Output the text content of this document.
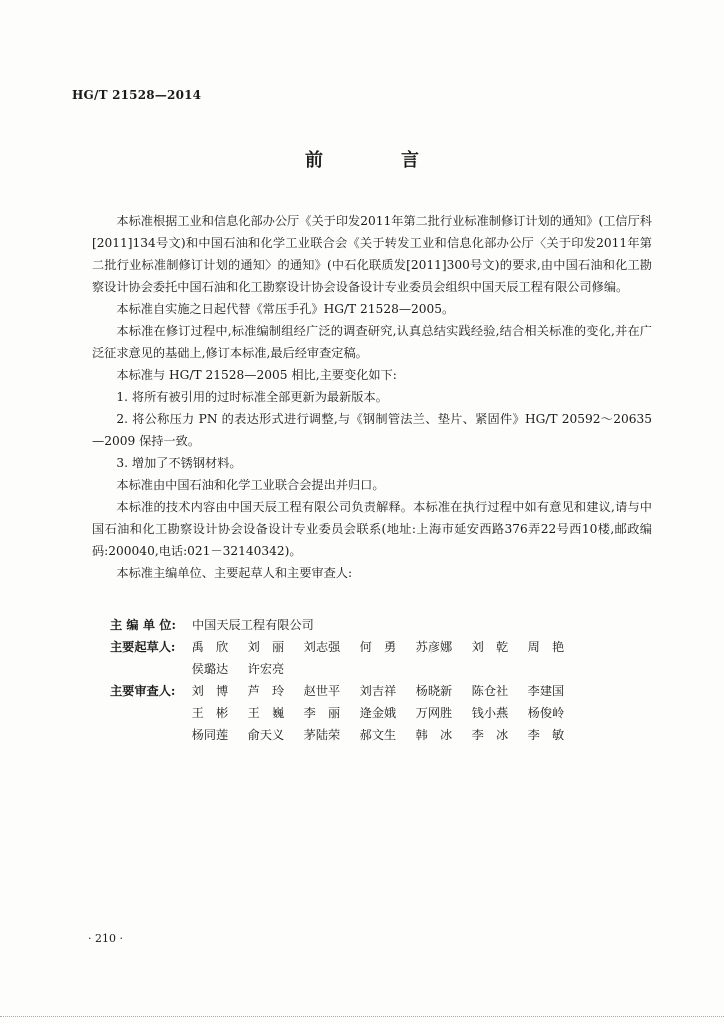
HG/T 21528—2014
前　言

本标准根据工业和信息化部办公厅《关于印发2011年第二批行业标准制修订计划的通知》(工信厅科[2011]134号文)和中国石油和化学工业联合会《关于转发工业和信息化部办公厅〈关于印发2011年第二批行业标准制修订计划的通知〉的通知》(中石化联质发[2011]300号文)的要求,由中国石油和化工勘察设计协会委托中国石油和化工勘察设计协会设备设计专业委员会组织中国天辰工程有限公司修编。

本标准自实施之日起代替《常压手孔》HG/T 21528—2005。

本标准在修订过程中,标准编制组经广泛的调查研究,认真总结实践经验,结合相关标准的变化,并在广泛征求意见的基础上,修订本标准,最后经审查定稿。

本标准与 HG/T 21528—2005 相比,主要变化如下:

1. 将所有被引用的过时标准全部更新为最新版本。

2. 将公称压力 PN 的表达形式进行调整,与《钢制管法兰、垫片、紧固件》HG/T 20592～20635—2009 保持一致。

3. 增加了不锈钢材料。

本标准由中国石油和化学工业联合会提出并归口。

本标准的技术内容由中国天辰工程有限公司负责解释。本标准在执行过程中如有意见和建议,请与中国石油和化工勘察设计协会设备设计专业委员会联系(地址:上海市延安西路376弄22号西10楼,邮政编码:200040,电话:021－32140342)。

本标准主编单位、主要起草人和主要审查人:

主 编 单 位:	中国天辰工程有限公司
主要起草人:	禹　欣	刘　丽	刘志强	何　勇	苏彦娜	刘　乾	周　艳
侯璐达	许宏亮
主要审查人:	刘　博	芦　玲	赵世平	刘吉祥	杨晓新	陈仓社	李建国
王　彬	王　巍	李　丽	逄金娥	万网胜	钱小燕	杨俊岭
杨同莲	俞天义	茅陆荣	郝文生	韩　冰	李　冰	李　敏
· 210 ·
